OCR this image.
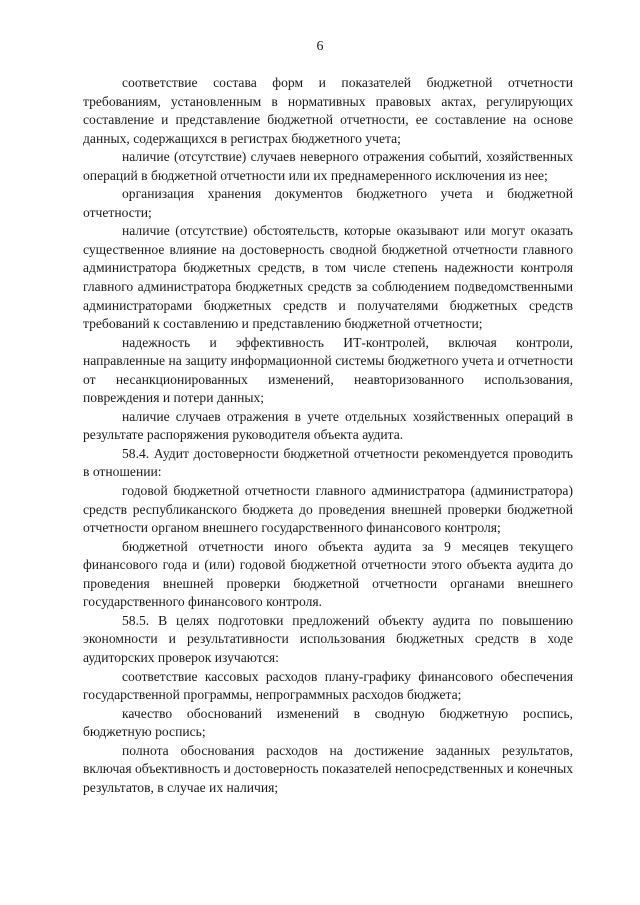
6

соответствие состава форм и показателей бюджетной отчетности требованиям, установленным в нормативных правовых актах, регулирующих составление и представление бюджетной отчетности, ее составление на основе данных, содержащихся в регистрах бюджетного учета;

наличие (отсутствие) случаев неверного отражения событий, хозяйственных операций в бюджетной отчетности или их преднамеренного исключения из нее;

организация хранения документов бюджетного учета и бюджетной отчетности;

наличие (отсутствие) обстоятельств, которые оказывают или могут оказать существенное влияние на достоверность сводной бюджетной отчетности главного администратора бюджетных средств, в том числе степень надежности контроля главного администратора бюджетных средств за соблюдением подведомственными администраторами бюджетных средств и получателями бюджетных средств требований к составлению и представлению бюджетной отчетности;

надежность и эффективность ИТ-контролей, включая контроли, направленные на защиту информационной системы бюджетного учета и отчетности от несанкционированных изменений, неавторизованного использования, повреждения и потери данных;

наличие случаев отражения в учете отдельных хозяйственных операций в результате распоряжения руководителя объекта аудита.

58.4. Аудит достоверности бюджетной отчетности рекомендуется проводить в отношении:

годовой бюджетной отчетности главного администратора (администратора) средств республиканского бюджета до проведения внешней проверки бюджетной отчетности органом внешнего государственного финансового контроля;

бюджетной отчетности иного объекта аудита за 9 месяцев текущего финансового года и (или) годовой бюджетной отчетности этого объекта аудита до проведения внешней проверки бюджетной отчетности органами внешнего государственного финансового контроля.

58.5. В целях подготовки предложений объекту аудита по повышению экономности и результативности использования бюджетных средств в ходе аудиторских проверок изучаются:

соответствие кассовых расходов плану-графику финансового обеспечения государственной программы, непрограммных расходов бюджета;

качество обоснований изменений в сводную бюджетную роспись, бюджетную роспись;

полнота обоснования расходов на достижение заданных результатов, включая объективность и достоверность показателей непосредственных и конечных результатов, в случае их наличия;
